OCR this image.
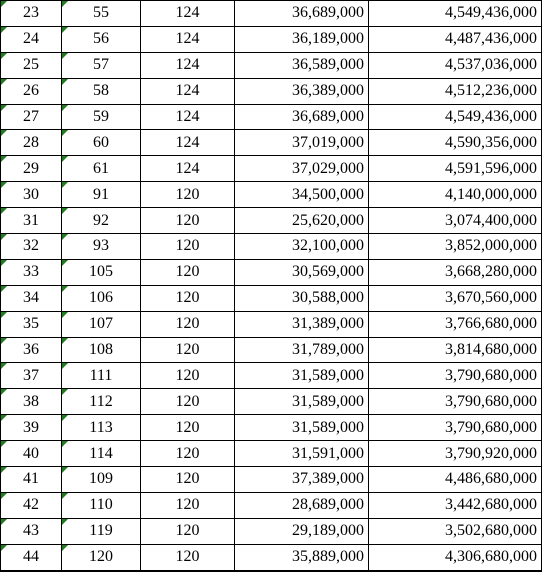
23	55	124	36,689,000	4,549,436,000
24	56	124	36,189,000	4,487,436,000
25	57	124	36,589,000	4,537,036,000
26	58	124	36,389,000	4,512,236,000
27	59	124	36,689,000	4,549,436,000
28	60	124	37,019,000	4,590,356,000
29	61	124	37,029,000	4,591,596,000
30	91	120	34,500,000	4,140,000,000
31	92	120	25,620,000	3,074,400,000
32	93	120	32,100,000	3,852,000,000
33	105	120	30,569,000	3,668,280,000
34	106	120	30,588,000	3,670,560,000
35	107	120	31,389,000	3,766,680,000
36	108	120	31,789,000	3,814,680,000
37	111	120	31,589,000	3,790,680,000
38	112	120	31,589,000	3,790,680,000
39	113	120	31,589,000	3,790,680,000
40	114	120	31,591,000	3,790,920,000
41	109	120	37,389,000	4,486,680,000
42	110	120	28,689,000	3,442,680,000
43	119	120	29,189,000	3,502,680,000
44	120	120	35,889,000	4,306,680,000
